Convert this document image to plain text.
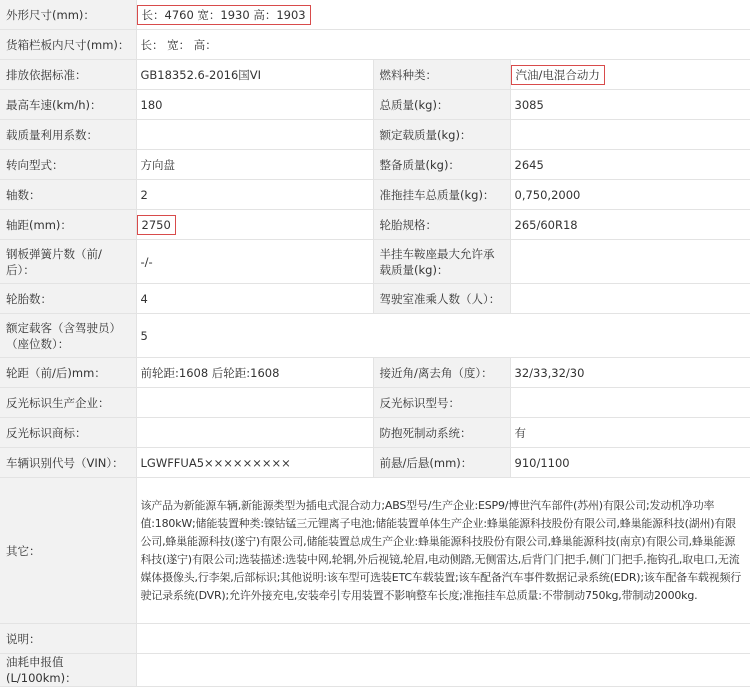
外形尺寸(mm)：	长：4760 宽：1930 高：1903		
货箱栏板内尺寸(mm)：	长： 宽： 高：		
排放依据标准：	GB18352.6-2016国VI	燃料种类：	汽油/电混合动力
最高车速(km/h)：	180	总质量(kg)：	3085
载质量利用系数：		额定载质量(kg)：	
转向型式：	方向盘	整备质量(kg)：	2645
轴数：	2	准拖挂车总质量(kg)：	0,750,2000
轴距(mm)：	2750	轮胎规格：	265/60R18
钢板弹簧片数（前/后）：	-/-	半挂车鞍座最大允许承载质量(kg)：	
轮胎数：	4	驾驶室准乘人数（人）：	
额定载客（含驾驶员）（座位数）：	5		
轮距（前/后)mm：	前轮距:1608 后轮距:1608	接近角/离去角（度）：	32/33,32/30
反光标识生产企业：		反光标识型号：	
反光标识商标：		防抱死制动系统：	有
车辆识别代号（VIN）：	LGWFFUA5×××××××××	前悬/后悬(mm)：	910/1100
其它：	该产品为新能源车辆,新能源类型为插电式混合动力;ABS型号/生产企业:ESP9/博世汽车部件(苏州)有限公司;发动机净功率值:180kW;储能装置种类:镍钴锰三元锂离子电池;储能装置单体生产企业:蜂巢能源科技股份有限公司,蜂巢能源科技(湖州)有限公司,蜂巢能源科技(遂宁)有限公司,储能装置总成生产企业:蜂巢能源科技股份有限公司,蜂巢能源科技(南京)有限公司,蜂巢能源科技(遂宁)有限公司;选装描述:选装中网,轮辋,外后视镜,轮眉,电动侧踏,无侧雷达,后背门门把手,侧门门把手,拖钩孔,取电口,无流媒体摄像头,行李架,后部标识;其他说明:该车型可选装ETC车载装置;该车配备汽车事件数据记录系统(EDR);该车配备车载视频行驶记录系统(DVR);允许外接充电,安装牵引专用装置不影响整车长度;准拖挂车总质量:不带制动750kg,带制动2000kg.		

说明：			
油耗申报值(L/100km)：			
